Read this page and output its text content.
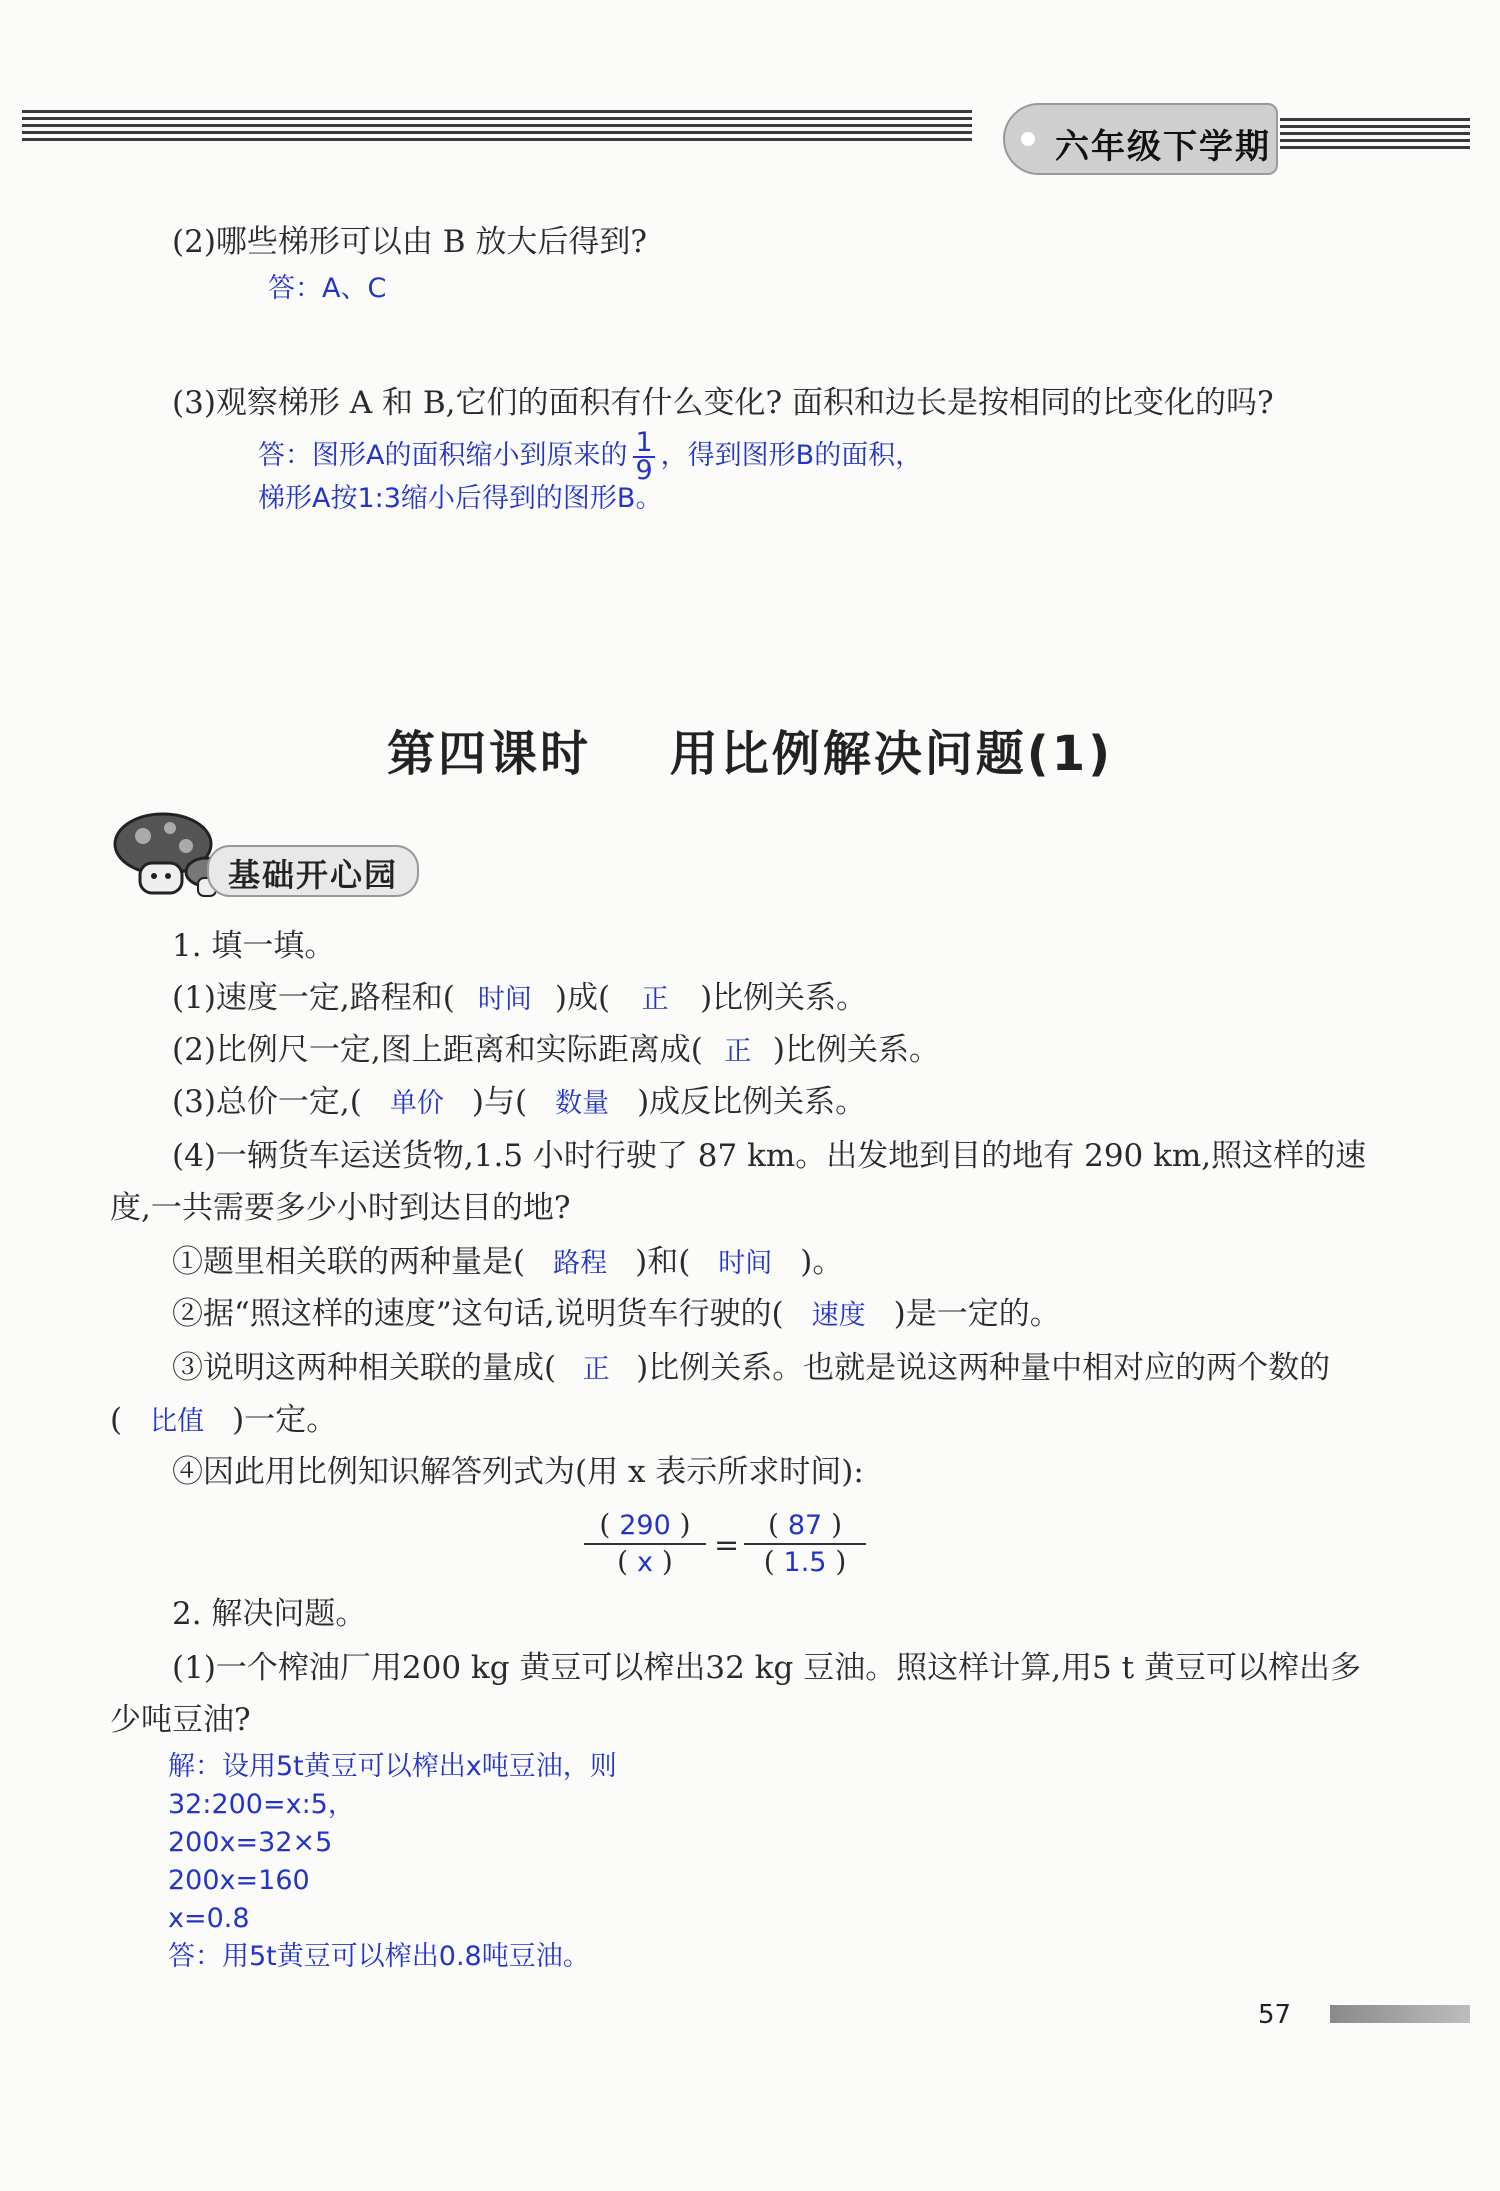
六年级下学期
(2)哪些梯形可以由 B 放大后得到?
答：A、C
(3)观察梯形 A 和 B,它们的面积有什么变化? 面积和边长是按相同的比变化的吗?
答：图形A的面积缩小到原来的 $\frac{1}{9}$ ，得到图形B的面积，
梯形A按1:3缩小后得到的图形B。
第四课时    用比例解决问题(1)
基础开心园
1. 填一填。
(1)速度一定,路程和( 时间 )成( 正 )比例关系。
(2)比例尺一定,图上距离和实际距离成( 正 )比例关系。
(3)总价一定,( 单价 )与( 数量 )成反比例关系。
(4)一辆货车运送货物,1.5 小时行驶了 87 km。出发地到目的地有 290 km,照这样的速
度,一共需要多少小时到达目的地?
①题里相关联的两种量是( 路程 )和( 时间 )。
②据“照这样的速度”这句话,说明货车行驶的( 速度 )是一定的。
③说明这两种相关联的量成( 正 )比例关系。也就是说这两种量中相对应的两个数的
( 比值 )一定。
④因此用比例知识解答列式为(用 x 表示所求时间):
( 290 )
( x )	=
( 87 )
( 1.5 )
2. 解决问题。
(1)一个榨油厂用200 kg 黄豆可以榨出32 kg 豆油。照这样计算,用5 t 黄豆可以榨出多
少吨豆油?
解：设用5t黄豆可以榨出x吨豆油，则
32:200=x:5，
200x=32×5
200x=160
x=0.8
答：用5t黄豆可以榨出0.8吨豆油。
57
